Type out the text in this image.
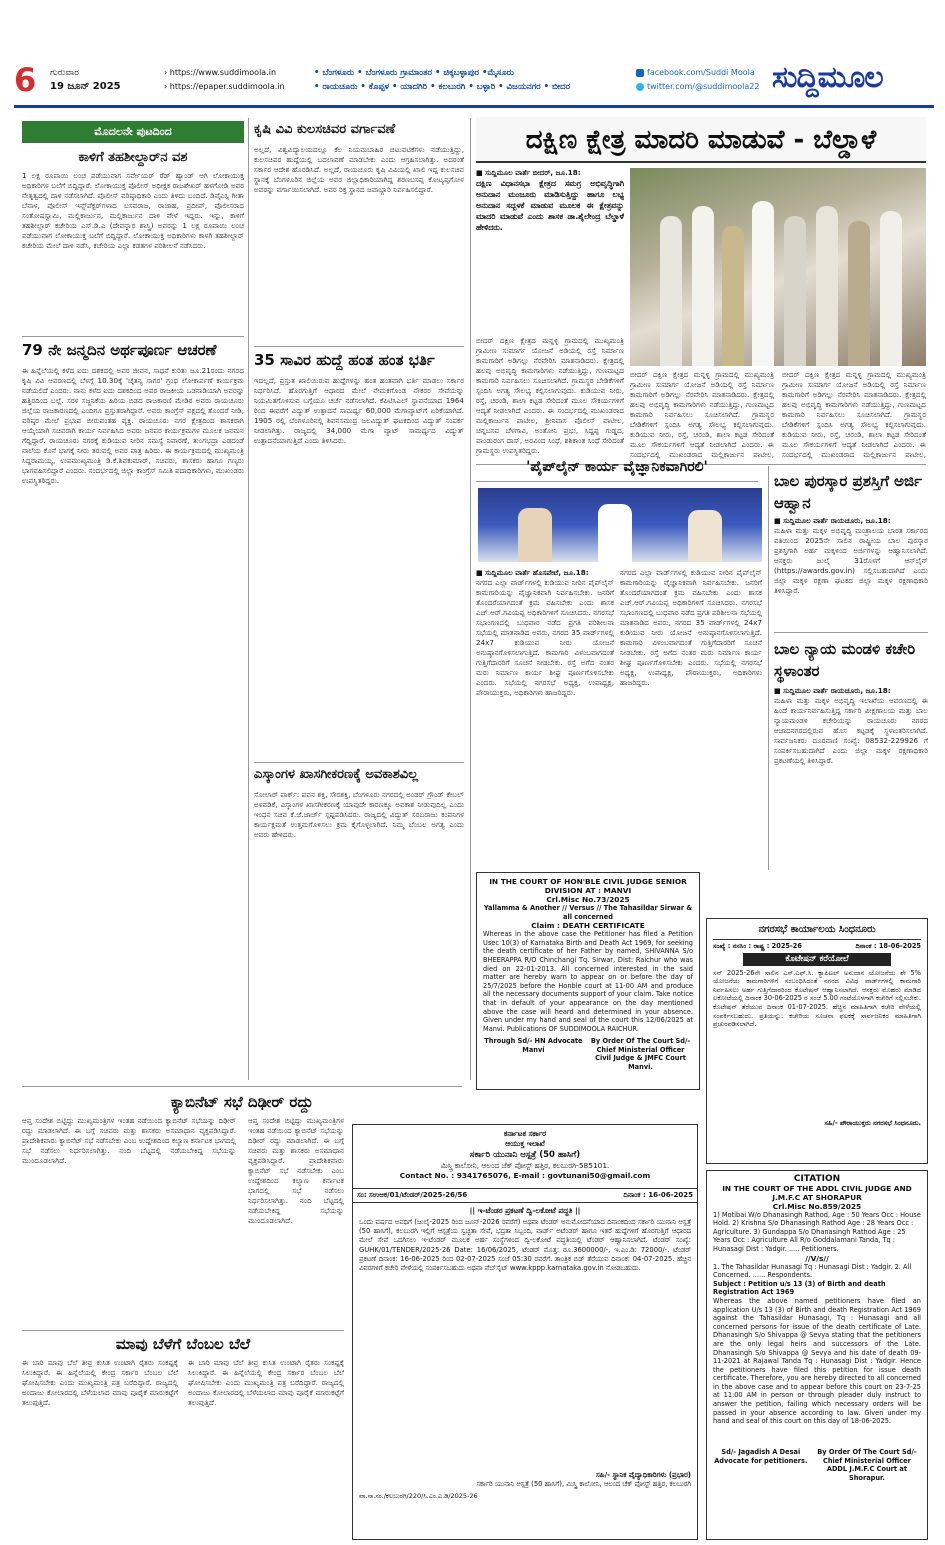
6 ಗುರುವಾರ
19 ಜೂನ್ 2025
› https://www.suddimoola.in
› https://epaper.suddimoola.in
• ಬೆಂಗಳೂರು • ಬೆಂಗಳೂರು ಗ್ರಾಮಾಂತರ • ಚಿಕ್ಕಬಳ್ಳಾಪುರ •ಮೈಸೂರು
• ರಾಯಚೂರು • ಕೊಪ್ಪಳ • ಯಾದಗಿರಿ • ಕಲಬುರಗಿ • ಬಳ್ಳಾರಿ • ವಿಜಯನಗರ • ಬೀದರ
facebook.com/Suddi Moola
twitter.com/@suddimoola22 ಸುದ್ದಿಮೂಲ
ಮೊದಲನೇ ಪುಟದಿಂದ
ಕಾಳಿಗೆ ತಹಶೀಲ್ದಾರ್‌ನ ವಶ
1 ಲಕ್ಷ ರೂಪಾಯಿ ಲಂಚ ಪಡೆಯುವಾಗ ಸರ್ವೇಯರ್ ರೆಡ್ ಹ್ಯಾಂಡ್ ಆಗಿ ಲೋಕಾಯುಕ್ತ ಅಧಿಕಾರಿಗಳ ಬಲೆಗೆ ಬಿದ್ದಿದ್ದಾರೆ. ಲೋಕಾಯುಕ್ತ ಪೊಲೀಸ್ ಅಧೀಕ್ಷಕ ರಾಜಶೇಖರ್ ಹಳಗೋಡಿ ಅವರ ನೇತೃತ್ವದಲ್ಲಿ ದಾಳಿ ನಡೆಸಲಾಗಿದೆ. ಪೊಲೀಸ್ ವರಿಷ್ಠಾಧಿಕಾರಿ ಎಂದು ತಿಳಿದು ಬಂದಿದೆ. ಡಿವೈಎಸ್ಪಿ ಗೀತಾ ಬೆನಾಳ, ಪೊಲೀಸ್ ಇನ್ಸ್‌ಪೆಕ್ಟರ್‌ಗಳಾದ ಬಸವರಾಜ, ರಾಜಾಹ, ಪ್ರದೀಪ್, ಪೊಲೀಸರಾದ ಸಂತೋಷಸ್ವಾಮಿ, ಮಲ್ಲಿಕಾರ್ಜುನ, ಮಲ್ಲಿಕಾರ್ಜುನ ದಾಳಿ ವೇಳೆ ಇದ್ದರು. ಇನ್ನು, ಕಾಳಿಗೆ ತಹಶೀಲ್ದಾರ್ ಕಚೇರಿಯ ಎಸ್.ಡಿ.ಎ (ದೇವನ್ನಾರ ಶಾಸ್ತ್ರಿ) ಅವರನ್ನು 1 ಲಕ್ಷ ರೂಪಾಯಿ ಲಂಚ ಪಡೆಯುವಾಗ ಲೋಕಾಯುಕ್ತ ಬಲೆಗೆ ಬಿದ್ದಿದ್ದಾರೆ. ಲೋಕಾಯುಕ್ತ ಅಧಿಕಾರಿಗಳು ಕಾಳಗಿ ತಹಶೀಲ್ದಾರ್ ಕಚೇರಿಯ ಮೇಲೆ ದಾಳಿ ನಡೆಸಿ, ಕಚೇರಿಯ ಎಲ್ಲಾ ಕಡತಗಳ ಪರಿಶೀಲನೆ ನಡೆಸಿದರು.
79 ನೇ ಜನ್ಮದಿನ ಅರ್ಥಪೂರ್ಣ ಆಚರಣೆ
ಈ ಹಿನ್ನೆಲೆಯಲ್ಲಿ ಕಳೆದ ಐದು ದಶಕದಲ್ಲಿ ಅವರ ಜೀವನ, ಸಾಧನೆ ಕುರಿತು ಜೂ.21ರಂದು ನಗರದ ಕೃಷಿ ವಿವಿ ಆವರಣದಲ್ಲಿ ಬೆಳಗ್ಗೆ 10.30ಕ್ಕೆ 'ಚೈತನ್ಯ ಸಾಗರ' ಗ್ರಂಥ ಲೋಕಾರ್ಪಣೆ ಕಾರ್ಯಕ್ರಮ ನಡೆಯಲಿದೆ ಎಂದರು. ನಾನು ಕಳೆದ ಐದು ದಶಕದಿಂದ ಅವರ ರಾಜಕೀಯ ಒಡನಾಡಿಯಾಗಿ ಅವರನ್ನು ಹತ್ತಿರದಿಂದ ಬಲ್ಲೆ. ಸರಳ ಸಜ್ಜನಿಕೆಯ ಹಿರಿಯ ಬಿಡದ ರಾಜಕಾರಣಿ ಮೇಡಿರ ಅವರು ರಾಯಚೂರು ಜಿಲ್ಲೆಯ ರಾಜಕಾರಣದಲ್ಲಿ ಎಂದಿಗೂ ಪ್ರಸ್ತುತರಾಗಿದ್ದಾರೆ. ಅವರು ಕಾಂಗ್ರೆಸ್ ಪಕ್ಷದಲ್ಲಿ ತೊಂದರೆ ನೀಡಿ, ವರಿಷ್ಠರ ಮೇಲೆ ಪ್ರಭಾವ ಬೀರುವಂತಹ ವ್ಯಕ್ತಿ. ರಾಯಚೂರು ನಗರ ಕ್ಷೇತ್ರದಿಂದ ಶಾಸಕರಾಗಿ ಆಯ್ಕೆಯಾಗಿ ಸಚಿವರಾಗಿ ಕಾರ್ಯ ನಿರ್ವಹಿಸಿದ ಅವರು ಜನಪರ ಕಾರ್ಯಕ್ರಮಗಳ ಮೂಲಕ ಜನಮನ ಗೆದ್ದಿದ್ದಾರೆ. ರಾಯಚೂರು ನಗರಕ್ಕೆ ಕುಡಿಯುವ ನೀರಿನ ಸಮಸ್ಯೆ ನಿವಾರಣೆ, ತುಂಗಭದ್ರಾ ಎಡದಂಡೆ ನಾಲೆಯ ಕೊನೆ ಭಾಗಕ್ಕೆ ನೀರು ತರುವಲ್ಲಿ ಅವರ ಪಾತ್ರ ಹಿರಿದು. ಈ ಕಾರ್ಯಕ್ರಮದಲ್ಲಿ ಮುಖ್ಯಮಂತ್ರಿ ಸಿದ್ದರಾಮಯ್ಯ, ಉಪಮುಖ್ಯಮಂತ್ರಿ ಡಿ.ಕೆ.ಶಿವಕುಮಾರ್, ಸಚಿವರು, ಶಾಸಕರು ಹಾಗೂ ಗಣ್ಯರು ಭಾಗವಹಿಸಲಿದ್ದಾರೆ ಎಂದರು. ಸಂದರ್ಭದಲ್ಲಿ ಜಿಲ್ಲಾ ಕಾಂಗ್ರೆಸ್ ಸಮಿತಿ ಪದಾಧಿಕಾರಿಗಳು, ಮುಖಂಡರು ಉಪಸ್ಥಿತರಿದ್ದರು.
ಕ್ಯಾಬಿನೆಟ್ ಸಭೆ ದಿಢೀರ್ ರದ್ದು
ಆಪ್ತ ಸಂದೇಶ ಬಿಟ್ಟಿದ್ದು ಮುಖ್ಯಮಂತ್ರಿಗಳ ಇಂತಹ ನಡೆಯಿಂದ ಕ್ಯಾಬಿನೆಟ್ ಸಭೆಯನ್ನು ದಿಢೀರ್ ರದ್ದು ಮಾಡಲಾಗಿದೆ. ಈ ಬಗ್ಗೆ ಸಚಿವರು ಮತ್ತು ಶಾಸಕರು ಅಸಮಾಧಾನ ವ್ಯಕ್ತಪಡಿಸಿದ್ದಾರೆ. ಪ್ರಾದೇಶಿಕವಾರು ಕ್ಯಾಬಿನೆಟ್ ಸಭೆ ನಡೆಸಬೇಕು ಎಂಬ ಉದ್ದೇಶದಿಂದ ಕಲ್ಯಾಣ ಕರ್ನಾಟಕ ಭಾಗದಲ್ಲಿ ಸಭೆ ನಡೆಸಲು ನಿರ್ಧರಿಸಲಾಗಿತ್ತು. ನಂದಿ ಬೆಟ್ಟದಲ್ಲಿ ನಡೆಯಬೇಕಿದ್ದ ಸಭೆಯನ್ನು ಮುಂದೂಡಲಾಗಿದೆ.
ಆಪ್ತ ಸಂದೇಶ ಬಿಟ್ಟಿದ್ದು ಮುಖ್ಯಮಂತ್ರಿಗಳ ಇಂತಹ ನಡೆಯಿಂದ ಕ್ಯಾಬಿನೆಟ್ ಸಭೆಯನ್ನು ದಿಢೀರ್ ರದ್ದು ಮಾಡಲಾಗಿದೆ. ಈ ಬಗ್ಗೆ ಸಚಿವರು ಮತ್ತು ಶಾಸಕರು ಅಸಮಾಧಾನ ವ್ಯಕ್ತಪಡಿಸಿದ್ದಾರೆ. ಪ್ರಾದೇಶಿಕವಾರು ಕ್ಯಾಬಿನೆಟ್ ಸಭೆ ನಡೆಸಬೇಕು ಎಂಬ ಉದ್ದೇಶದಿಂದ ಕಲ್ಯಾಣ ಕರ್ನಾಟಕ ಭಾಗದಲ್ಲಿ ಸಭೆ ನಡೆಸಲು ನಿರ್ಧರಿಸಲಾಗಿತ್ತು. ನಂದಿ ಬೆಟ್ಟದಲ್ಲಿ ನಡೆಯಬೇಕಿದ್ದ ಸಭೆಯನ್ನು ಮುಂದೂಡಲಾಗಿದೆ.
ಮಾವು ಬೆಳೆಗೆ ಬೆಂಬಲ ಬೆಲೆ
ಈ ಬಾರಿ ಮಾವು ಬೆಲೆ ತೀವ್ರ ಕುಸಿತ ಉಂಟಾಗಿ ರೈತರು ಸಂಕಷ್ಟಕ್ಕೆ ಸಿಲುಕಿದ್ದಾರೆ. ಈ ಹಿನ್ನೆಲೆಯಲ್ಲಿ ಕೇಂದ್ರ ಸರ್ಕಾರ ಬೆಂಬಲ ಬೆಲೆ ಘೋಷಿಸಬೇಕು ಎಂದು ಮುಖ್ಯಮಂತ್ರಿ ಪತ್ರ ಬರೆದಿದ್ದಾರೆ. ರಾಜ್ಯದಲ್ಲಿ ಅಂದಾಜು ಕೋಲಾರದಲ್ಲಿ ಬೆಳೆಯಲಾದ ಮಾವು ಪೂರೈಕೆ ಮಾರುಕಟ್ಟೆಗೆ ತಲುಪುತ್ತಿದೆ.
ಈ ಬಾರಿ ಮಾವು ಬೆಲೆ ತೀವ್ರ ಕುಸಿತ ಉಂಟಾಗಿ ರೈತರು ಸಂಕಷ್ಟಕ್ಕೆ ಸಿಲುಕಿದ್ದಾರೆ. ಈ ಹಿನ್ನೆಲೆಯಲ್ಲಿ ಕೇಂದ್ರ ಸರ್ಕಾರ ಬೆಂಬಲ ಬೆಲೆ ಘೋಷಿಸಬೇಕು ಎಂದು ಮುಖ್ಯಮಂತ್ರಿ ಪತ್ರ ಬರೆದಿದ್ದಾರೆ. ರಾಜ್ಯದಲ್ಲಿ ಅಂದಾಜು ಕೋಲಾರದಲ್ಲಿ ಬೆಳೆಯಲಾದ ಮಾವು ಪೂರೈಕೆ ಮಾರುಕಟ್ಟೆಗೆ ತಲುಪುತ್ತಿದೆ.
ಕೃಷಿ ವಿವಿ ಕುಲಸಚಿವರ ವರ್ಗಾವಣೆ
ಅಲ್ಲದೆ, ವಿಶ್ವವಿದ್ಯಾಲಯದಲ್ಲೂ ಕೆಲ ನಿಯಮಬಾಹಿರ ಚಟುವಟಿಕೆಗಳು ನಡೆಯುತ್ತಿದ್ದು, ಕುಲಸಚಿವರ ಹುದ್ದೆಯಲ್ಲಿ ಬದಲಾವಣೆ ಮಾಡಬೇಕು ಎಂದು ಆಗ್ರಹಿಸಲಾಗಿತ್ತು. ಅದರಂತೆ ಸರ್ಕಾರ ಆದೇಶ ಹೊರಡಿಸಿದೆ. ಅಲ್ಲದೆ, ರಾಯಚೂರು ಕೃಷಿ ವಿವಿಯಲ್ಲಿ ಖಾಲಿ ಇದ್ದ ಕುಲಸಚಿವ ಸ್ಥಾನಕ್ಕೆ ಬೆಂಗಳೂರಿನ ಜಿಲ್ಲೆಯ ಅವರ ಜಿಲ್ಲಾಧಿಕಾರಿಯಾಗಿದ್ದ ಶರಣಬಸಪ್ಪ ಕೋಟ್ಯಪ್ಪಗೋಳ ಅವರನ್ನು ವರ್ಗಾಯಿಸಲಾಗಿದೆ. ಅವರ ರಿಕ್ತ ಸ್ಥಾನದ ಜವಾಬ್ದಾರಿ ನಿರ್ವಹಿಸಲಿದ್ದಾರೆ.
35 ಸಾವಿರ ಹುದ್ದೆ ಹಂತ ಹಂತ ಭರ್ತಿ
ಇದಲ್ಲದೆ, ಪ್ರಸ್ತುತ ಖಾಲಿಯಿರುವ ಹುದ್ದೆಗಳನ್ನು ಹಂತ ಹಂತವಾಗಿ ಭರ್ತಿ ಮಾಡಲು ಸರ್ಕಾರ ನಿರ್ಧರಿಸಿದೆ. ಹೊರಗುತ್ತಿಗೆ ಆಧಾರದ ಮೇಲೆ ನೇಮಕಗೊಂಡ ನೌಕರರ ಸೇವೆಯನ್ನು ನಿಯಮಿತಗೊಳಿಸುವ ಬಗ್ಗೆಯೂ ಚರ್ಚೆ ನಡೆಸಲಾಗಿದೆ. ಕೆಪಿಟಿಸಿಎಲ್ ಸ್ಥಾಪನೆಯಾದ 1964 ರಿಂದ ಈವರೆಗೆ ವಿದ್ಯುತ್ ಉತ್ಪಾದನೆ ಸಾಮರ್ಥ್ಯ 60,000 ಮೆಗಾವ್ಯಾಟ್‌ಗೆ ಏರಿಕೆಯಾಗಿದೆ. 1905 ರಲ್ಲಿ ಬೆಂಗಳೂರಿನಲ್ಲಿ ಶಿವನಸಮುದ್ರ ಜಲವಿದ್ಯುತ್ ಘಟಕದಿಂದ ವಿದ್ಯುತ್ ಸಂಪರ್ಕ ನೀಡಲಾಗಿತ್ತು. ರಾಜ್ಯದಲ್ಲಿ 34,000 ಮೆಗಾ ವ್ಯಾಟ್ ಸಾಮರ್ಥ್ಯದ ವಿದ್ಯುತ್ ಉತ್ಪಾದನೆಯಾಗುತ್ತಿದೆ ಎಂದು ತಿಳಿಸಿದರು.
ಎಸ್ಕಾಂಗಳ ಖಾಸಗೀಕರಣಕ್ಕೆ ಅವಕಾಶವಿಲ್ಲ
ಸೋಲಾರ್ ಪಾರ್ಕ್: ಪವನ ಶಕ್ತಿ, ಸೌರಶಕ್ತಿ, ಬೆಂಗಳೂರು ನಗರದಲ್ಲಿ ಅಂಡರ್ ಗ್ರೌಂಡ್ ಕೇಬಲ್ ಅಳವಡಿಕೆ, ಎಸ್ಕಾಂಗಳ ಖಾಸಗೀಕರಣಕ್ಕೆ ಯಾವುದೇ ಕಾರಣಕ್ಕೂ ಅವಕಾಶ ನೀಡುವುದಿಲ್ಲ ಎಂದು ಇಂಧನ ಸಚಿವ ಕೆ.ಜೆ.ಜಾರ್ಜ್ ಸ್ಪಷ್ಟಪಡಿಸಿದರು. ರಾಜ್ಯದಲ್ಲಿ ವಿದ್ಯುತ್ ಸರಬರಾಜು ಕಂಪನಿಗಳ ಕಾರ್ಯಕ್ಷಮತೆ ಉತ್ತಮಗೊಳಿಸಲು ಕ್ರಮ ಕೈಗೊಳ್ಳಲಾಗಿದೆ. ನಿಮ್ಮ ಬೆಂಬಲ ಅಗತ್ಯ ಎಂದು ಅವರು ಹೇಳಿದರು.
ದಕ್ಷಿಣ ಕ್ಷೇತ್ರ ಮಾದರಿ ಮಾಡುವೆ - ಬೆಲ್ಡಾಳೆ
■ ಸುದ್ದಿಮೂಲ ವಾರ್ತೆ ಬೀದರ್, ಜೂ.18:
ದಕ್ಷಿಣ ವಿಧಾನಸಭಾ ಕ್ಷೇತ್ರದ ಸಮಗ್ರ ಅಭಿವೃದ್ಧಿಗಾಗಿ ಅನುದಾನ ಮಂಜೂರು ಮಾಡಿಸುತ್ತಿದ್ದು ಹಾಗೂ ಲಭ್ಯ ಅನುದಾನ ಸದ್ಬಳಕೆ ಮಾಡುವ ಮೂಲಕ ಈ ಕ್ಷೇತ್ರವನ್ನು ಮಾದರಿ ಮಾಡುವೆ ಎಂದು ಶಾಸಕ ಡಾ.ಶೈಲೇಂದ್ರ ಬೆಲ್ಡಾಳೆ ಹೇಳಿದರು.
ಬೀದರ್ ದಕ್ಷಿಣ ಕ್ಷೇತ್ರದ ಮನ್ನಳ್ಳಿ ಗ್ರಾಮದಲ್ಲಿ ಮುಖ್ಯಮಂತ್ರಿ ಗ್ರಾಮೀಣ ಸುಮಾರ್ಗ ಯೋಜನೆ ಅಡಿಯಲ್ಲಿ ರಸ್ತೆ ನಿರ್ಮಾಣ ಕಾಮಗಾರಿಗೆ ಅಡಿಗಲ್ಲು ನೆರವೇರಿಸಿ ಮಾತನಾಡಿದರು. ಕ್ಷೇತ್ರದಲ್ಲಿ ಹಲವು ಅಭಿವೃದ್ಧಿ ಕಾಮಗಾರಿಗಳು ನಡೆಯುತ್ತಿದ್ದು, ಗುಣಮಟ್ಟದ ಕಾಮಗಾರಿ ನಿರ್ವಹಿಸಲು ಸೂಚಿಸಲಾಗಿದೆ. ಗ್ರಾಮಸ್ಥರ ಬೇಡಿಕೆಗಳಿಗೆ ಸ್ಪಂದಿಸಿ ಅಗತ್ಯ ಸೌಲಭ್ಯ ಕಲ್ಪಿಸಲಾಗುವುದು. ಕುಡಿಯುವ ನೀರು, ರಸ್ತೆ, ಚರಂಡಿ, ಶಾಲಾ ಕಟ್ಟಡ ಸೇರಿದಂತೆ ಮೂಲ ಸೌಕರ್ಯಗಳಿಗೆ ಆದ್ಯತೆ ನೀಡಲಾಗಿದೆ ಎಂದರು. ಈ ಸಂದರ್ಭದಲ್ಲಿ ಮುಖಂಡರಾದ ಮಲ್ಲಿಕಾರ್ಜುನ ಪಾಟೀಲ, ಶ್ರೀನಿವಾಸ ಪೊಲೀಸ್ ಪಾಟೀಲ, ಚನ್ನಬಸವ ಬೆಳಗಾವಿ, ಅಂತೋನಿ ಪ್ರಭು, ಸಿದ್ದಪ್ಪ ಗುಡ್ಡದ, ಪಾಂಡುರಂಗ ದಾಸ್, ಅರವಿಂದ ಸಿಂಧೆ, ಶಶಿಕಾಂತ ಸಿಂಧೆ ಸೇರಿದಂತೆ ಗ್ರಾಮಸ್ಥರು ಉಪಸ್ಥಿತರಿದ್ದರು.
ಬೀದರ್ ದಕ್ಷಿಣ ಕ್ಷೇತ್ರದ ಮನ್ನಳ್ಳಿ ಗ್ರಾಮದಲ್ಲಿ ಮುಖ್ಯಮಂತ್ರಿ ಗ್ರಾಮೀಣ ಸುಮಾರ್ಗ ಯೋಜನೆ ಅಡಿಯಲ್ಲಿ ರಸ್ತೆ ನಿರ್ಮಾಣ ಕಾಮಗಾರಿಗೆ ಅಡಿಗಲ್ಲು ನೆರವೇರಿಸಿ ಮಾತನಾಡಿದರು. ಕ್ಷೇತ್ರದಲ್ಲಿ ಹಲವು ಅಭಿವೃದ್ಧಿ ಕಾಮಗಾರಿಗಳು ನಡೆಯುತ್ತಿದ್ದು, ಗುಣಮಟ್ಟದ ಕಾಮಗಾರಿ ನಿರ್ವಹಿಸಲು ಸೂಚಿಸಲಾಗಿದೆ. ಗ್ರಾಮಸ್ಥರ ಬೇಡಿಕೆಗಳಿಗೆ ಸ್ಪಂದಿಸಿ ಅಗತ್ಯ ಸೌಲಭ್ಯ ಕಲ್ಪಿಸಲಾಗುವುದು. ಕುಡಿಯುವ ನೀರು, ರಸ್ತೆ, ಚರಂಡಿ, ಶಾಲಾ ಕಟ್ಟಡ ಸೇರಿದಂತೆ ಮೂಲ ಸೌಕರ್ಯಗಳಿಗೆ ಆದ್ಯತೆ ನೀಡಲಾಗಿದೆ ಎಂದರು. ಈ ಸಂದರ್ಭದಲ್ಲಿ ಮುಖಂಡರಾದ ಮಲ್ಲಿಕಾರ್ಜುನ ಪಾಟೀಲ,
ಬೀದರ್ ದಕ್ಷಿಣ ಕ್ಷೇತ್ರದ ಮನ್ನಳ್ಳಿ ಗ್ರಾಮದಲ್ಲಿ ಮುಖ್ಯಮಂತ್ರಿ ಗ್ರಾಮೀಣ ಸುಮಾರ್ಗ ಯೋಜನೆ ಅಡಿಯಲ್ಲಿ ರಸ್ತೆ ನಿರ್ಮಾಣ ಕಾಮಗಾರಿಗೆ ಅಡಿಗಲ್ಲು ನೆರವೇರಿಸಿ ಮಾತನಾಡಿದರು. ಕ್ಷೇತ್ರದಲ್ಲಿ ಹಲವು ಅಭಿವೃದ್ಧಿ ಕಾಮಗಾರಿಗಳು ನಡೆಯುತ್ತಿದ್ದು, ಗುಣಮಟ್ಟದ ಕಾಮಗಾರಿ ನಿರ್ವಹಿಸಲು ಸೂಚಿಸಲಾಗಿದೆ. ಗ್ರಾಮಸ್ಥರ ಬೇಡಿಕೆಗಳಿಗೆ ಸ್ಪಂದಿಸಿ ಅಗತ್ಯ ಸೌಲಭ್ಯ ಕಲ್ಪಿಸಲಾಗುವುದು. ಕುಡಿಯುವ ನೀರು, ರಸ್ತೆ, ಚರಂಡಿ, ಶಾಲಾ ಕಟ್ಟಡ ಸೇರಿದಂತೆ ಮೂಲ ಸೌಕರ್ಯಗಳಿಗೆ ಆದ್ಯತೆ ನೀಡಲಾಗಿದೆ ಎಂದರು. ಈ ಸಂದರ್ಭದಲ್ಲಿ ಮುಖಂಡರಾದ ಮಲ್ಲಿಕಾರ್ಜುನ ಪಾಟೀಲ,
'ಪೈಪ್‌ಲೈನ್ ಕಾರ್ಯ ವೈಜ್ಞಾನಿಕವಾಗಿರಲಿ'
■ ಸುದ್ದಿಮೂಲ ವಾರ್ತೆ ಹೊಸಪೇಟೆ, ಜೂ.18:
ನಗರದ ಎಲ್ಲಾ ವಾರ್ಡ್‌ಗಳಲ್ಲಿ ಕುಡಿಯುವ ನೀರಿನ ಪೈಪ್‌ಲೈನ್ ಕಾಮಗಾರಿಯನ್ನು ವೈಜ್ಞಾನಿಕವಾಗಿ ನಿರ್ವಹಿಸಬೇಕು. ಜನರಿಗೆ ತೊಂದರೆಯಾಗದಂತೆ ಕ್ರಮ ವಹಿಸಬೇಕು ಎಂದು ಶಾಸಕ ಎಚ್.ಆರ್.ಗವಿಯಪ್ಪ ಅಧಿಕಾರಿಗಳಿಗೆ ಸೂಚಿಸಿದರು. ನಗರಸಭೆ ಸಭಾಂಗಣದಲ್ಲಿ ಬುಧವಾರ ನಡೆದ ಪ್ರಗತಿ ಪರಿಶೀಲನಾ ಸಭೆಯಲ್ಲಿ ಮಾತನಾಡಿದ ಅವರು, ನಗರದ 35 ವಾರ್ಡ್‌ಗಳಲ್ಲಿ 24x7 ಕುಡಿಯುವ ನೀರು ಯೋಜನೆ ಅನುಷ್ಠಾನಗೊಳಿಸಲಾಗುತ್ತಿದೆ. ಕಾಮಗಾರಿ ವಿಳಂಬವಾಗದಂತೆ ಗುತ್ತಿಗೆದಾರರಿಗೆ ಸೂಚನೆ ನೀಡಬೇಕು. ರಸ್ತೆ ಅಗೆದ ನಂತರ ಮರು ನಿರ್ಮಾಣ ಕಾರ್ಯ ಶೀಘ್ರ ಪೂರ್ಣಗೊಳಿಸಬೇಕು ಎಂದರು. ಸಭೆಯಲ್ಲಿ ನಗರಸಭೆ ಅಧ್ಯಕ್ಷ, ಉಪಾಧ್ಯಕ್ಷ, ಪೌರಾಯುಕ್ತರು, ಅಧಿಕಾರಿಗಳು ಹಾಜರಿದ್ದರು.
ನಗರದ ಎಲ್ಲಾ ವಾರ್ಡ್‌ಗಳಲ್ಲಿ ಕುಡಿಯುವ ನೀರಿನ ಪೈಪ್‌ಲೈನ್ ಕಾಮಗಾರಿಯನ್ನು ವೈಜ್ಞಾನಿಕವಾಗಿ ನಿರ್ವಹಿಸಬೇಕು. ಜನರಿಗೆ ತೊಂದರೆಯಾಗದಂತೆ ಕ್ರಮ ವಹಿಸಬೇಕು ಎಂದು ಶಾಸಕ ಎಚ್.ಆರ್.ಗವಿಯಪ್ಪ ಅಧಿಕಾರಿಗಳಿಗೆ ಸೂಚಿಸಿದರು. ನಗರಸಭೆ ಸಭಾಂಗಣದಲ್ಲಿ ಬುಧವಾರ ನಡೆದ ಪ್ರಗತಿ ಪರಿಶೀಲನಾ ಸಭೆಯಲ್ಲಿ ಮಾತನಾಡಿದ ಅವರು, ನಗರದ 35 ವಾರ್ಡ್‌ಗಳಲ್ಲಿ 24x7 ಕುಡಿಯುವ ನೀರು ಯೋಜನೆ ಅನುಷ್ಠಾನಗೊಳಿಸಲಾಗುತ್ತಿದೆ. ಕಾಮಗಾರಿ ವಿಳಂಬವಾಗದಂತೆ ಗುತ್ತಿಗೆದಾರರಿಗೆ ಸೂಚನೆ ನೀಡಬೇಕು. ರಸ್ತೆ ಅಗೆದ ನಂತರ ಮರು ನಿರ್ಮಾಣ ಕಾರ್ಯ ಶೀಘ್ರ ಪೂರ್ಣಗೊಳಿಸಬೇಕು ಎಂದರು. ಸಭೆಯಲ್ಲಿ ನಗರಸಭೆ ಅಧ್ಯಕ್ಷ, ಉಪಾಧ್ಯಕ್ಷ, ಪೌರಾಯುಕ್ತರು, ಅಧಿಕಾರಿಗಳು ಹಾಜರಿದ್ದರು.
ಬಾಲ ಪುರಸ್ಕಾರ ಪ್ರಶಸ್ತಿಗೆ ಅರ್ಜಿ ಆಹ್ವಾನ
■ ಸುದ್ದಿಮೂಲ ವಾರ್ತೆ ರಾಯಚೂರು, ಜೂ.18:
ಮಹಿಳಾ ಮತ್ತು ಮಕ್ಕಳ ಅಭಿವೃದ್ಧಿ ಮಂತ್ರಾಲಯ ಭಾರತ ಸರ್ಕಾರದ ವತಿಯಿಂದ 2025ನೇ ಸಾಲಿನ ರಾಷ್ಟ್ರೀಯ ಬಾಲ ಪುರಸ್ಕಾರ ಪ್ರಶಸ್ತಿಗಾಗಿ ಅರ್ಹ ಮಕ್ಕಳಿಂದ ಅರ್ಜಿಗಳನ್ನು ಆಹ್ವಾನಿಸಲಾಗಿದೆ. ಆಸಕ್ತರು ಜುಲೈ 31ರೊಳಗೆ ಆನ್‌ಲೈನ್ (https://awards.gov.in) ಸಲ್ಲಿಸಬಹುದಾಗಿದೆ ಎಂದು ಜಿಲ್ಲಾ ಮಕ್ಕಳ ರಕ್ಷಣಾ ಘಟಕದ ಜಿಲ್ಲಾ ಮಕ್ಕಳ ರಕ್ಷಣಾಧಿಕಾರಿ ತಿಳಿಸಿದ್ದಾರೆ.
ಬಾಲ ನ್ಯಾಯ ಮಂಡಳಿ ಕಚೇರಿ ಸ್ಥಳಾಂತರ
■ ಸುದ್ದಿಮೂಲ ವಾರ್ತೆ ರಾಯಚೂರು, ಜೂ.18:
ಮಹಿಳಾ ಮತ್ತು ಮಕ್ಕಳ ಅಭಿವೃದ್ಧಿ ಇಲಾಖೆಯ ಆವರಣದಲ್ಲಿ ಈ ಹಿಂದೆ ಕಾರ್ಯನಿರ್ವಹಿಸುತ್ತಿದ್ದ ಸರ್ಕಾರಿ ವೀಕ್ಷಣಾಲಯ ಮತ್ತು ಬಾಲ ನ್ಯಾಯಮಂಡಳಿ ಕಚೇರಿಯನ್ನು ರಾಯಚೂರು ನಗರದ ಆಜಾದನಗರದಲ್ಲಿರುವ ಹೊಸ ಕಟ್ಟಡಕ್ಕೆ ಸ್ಥಳಾಂತರಿಸಲಾಗಿದೆ. ಸಾರ್ವಜನಿಕರು ದೂರವಾಣಿ ಸಂಖ್ಯೆ: 08532-229926 ಗೆ ಸಂಪರ್ಕಿಸಬಹುದಾಗಿದೆ ಎಂದು ಜಿಲ್ಲಾ ಮಕ್ಕಳ ರಕ್ಷಣಾಧಿಕಾರಿ ಪ್ರಕಟಣೆಯಲ್ಲಿ ತಿಳಿಸಿದ್ದಾರೆ.
IN THE COURT OF HON'BLE CIVIL JUDGE SENIOR DIVISION AT : MANVI
Crl.Misc No.73/2025
Yallamma & Another // Versus // The Tahasildar Sirwar & all concerned
Claim : DEATH CERTIFICATE
Whereas in the above case the Petitioner has filed a Petition Usec 10(3) of Karnataka Birth and Death Act 1969, for seeking the death certificate of her Father by named, SHIVANNA S/o BHEERAPPA R/O Chinchangi Tq. Sirwar, Dist: Raichur who was died on 22-01-2013. All concerned interested in the said matter are hereby warn to appear on or before the day of 25/7/2025 before the Honble court at 11-00 AM and produce all the necessary documents support of your claim. Take notice that in default of your appearance on the day mentioned above the case will heard and determined in your absence. Given under my hand and seal of the court this 12/06/2025 at Manvi. Publications OF SUDDIMOOLA RAICHUR.
Through Sd/- HN Advocate Manvi
By Order Of The Court Sd/- Chief Ministerial Officer Civil Judge & JMFC Court Manvi.
ನಗರಸಭೆ ಕಾರ್ಯಾಲಯ ಸಿಂಧನೂರು
ಸಂಖ್ಯೆ : ನಸಸಿಂ : ರಾಷ್ಟ್ರ : 2025-26	ದಿನಾಂಕ : 18-06-2025
ಕೊಟೇಷನ್ ಕರೆಯೋಲೆ
ಸನ್ 2025-26ನೇ ಸಾಲಿನ ಎಸ್.ಎಫ್.ಸಿ. ಕ್ಯಾಪಿಟಲ್ ಅನುದಾನ ಯೋಜನೆಯ ಶೇ 5% ಯೋಜನೆಯ ಕಾಮಗಾರಿಗಳಿಗೆ ಸಂಬಂಧಿಸಿದಂತೆ ನಗರದ ವಿವಿಧ ವಾರ್ಡ್‌ಗಳಲ್ಲಿ ಕಾಮಗಾರಿ ನಿರ್ವಹಿಸಲು ಅರ್ಹ ಗುತ್ತಿಗೆದಾರರಿಂದ ಕೊಟೇಷನ್ ಆಹ್ವಾನಿಸಲಾಗಿದೆ. ಆಸಕ್ತರು ಮೊಹರು ಮಾಡಿದ ಲಕೋಟೆಯಲ್ಲಿ ದಿನಾಂಕ 30-06-2025 ರ ಸಂಜೆ 5.00 ಗಂಟೆಯೊಳಗಾಗಿ ಕಚೇರಿಗೆ ಸಲ್ಲಿಸಬೇಕು. ಕೊಟೇಷನ್ ತೆರೆಯುವ ದಿನಾಂಕ 01-07-2025. ಹೆಚ್ಚಿನ ಮಾಹಿತಿಗಾಗಿ ಕಚೇರಿ ವೇಳೆಯಲ್ಲಿ ಸಂಪರ್ಕಿಸಬಹುದು. ಪ್ರತಿಯನ್ನು: ಕಚೇರಿಯ ಸೂಚನಾ ಫಲಕಕ್ಕೆ ಸಾರ್ವಜನಿಕರ ಮಾಹಿತಿಗಾಗಿ ಪ್ರಚುರಪಡಿಸಲಾಗಿದೆ.
ಸಹಿ/- ಪೌರಾಯುಕ್ತರು ನಗರಸಭೆ ಸಿಂಧನೂರು.
CITATION
IN THE COURT OF THE ADDL CIVIL JUDGE AND J.M.F.C AT SHORAPUR
Crl.Misc No.859/2025
1) Motibai W/o Dhanasingh Rathod, Age : 50 Years Occ : House Hold. 2) Krishna S/o Dhanasingh Rathod Age : 28 Years Occ : Agriculture. 3) Gundappa S/o Dhanasingh Rathod Age : 25 Years Occ : Agriculture All R/o Goddalamani Tanda, Tq : Hunasagi Dist : Yadgir. ..... Petitioners.
//V/s//
1. The Tahasildar Hunasagi Tq : Hunasagi Dist : Yadgir. 2. All Concerned. ...... Respondents.
Subject : Petition u/s 13 (3) of Birth and death Registration Act 1969
Whereas the above named petitioners have filed an application U/s 13 (3) of Birth and death Registration Act 1969 against the Tahasildar Hunasagi, Tq : Hunasagi and all concerned persons for issue of the death certificate of Late. Dhanasingh S/o Shivappa @ Sevya stating that the petitioners are the only legal heirs and successors of the Late. Dhanasingh S/o Shivappa @ Sevya and his date of death 09-11-2021 at Rajawal Tanda Tq : Hunasagi Dist : Yadgir. Hence the petitioners have filed this petition for issue death certificate. Therefore, you are hereby directed to all concerned in the above case and to appear before this court on 23-7-25 at 11:00 AM in person or through pleader duly instruct to answer the petition, failing which necessary orders will be passed in your absence according to law. Given under my hand and seal of this court on this day of 18-06-2025.
Sd/- Jagadish A Desai Advocate for petitioners.
By Order Of The Court Sd/- Chief Ministerial Officer ADDL J.M.F.C Court at Shorapur.
ಕರ್ನಾಟಕ ಸರ್ಕಾರ
ಆಯುಕ್ತ ಇಲಾಖೆ
ಸರ್ಕಾರಿ ಯುನಾನಿ ಆಸ್ಪತ್ರೆ (50 ಹಾಸಿಗೆ)
ಮಿಸ್ತ್ರಿ ಕಾಲೋನಿ, ಆಲಂದ ಚೆಕ್ ಪೋಸ್ಟ್ ಹತ್ತಿರ, ಕಲಬುರಗಿ-585101.
Contact No. : 9341765076, E-mail : govtunani50@gmail.com
ಸಂ: ಸಉಆಕ/01/ಟೆಂಡರ್/2025-26/56	ದಿನಾಂಕ : 16-06-2025
|| ಇ-ಟೆಂಡರ ಪ್ರಕಟಣೆ ದ್ವಿ-ಲಕೋಟೆ ಪದ್ಧತಿ ||
ಒಂದು ವರ್ಷದ ಅವಧಿಗೆ (ಜುಲೈ-2025 ರಿಂದ ಜೂನ್-2026 ರವರೆಗೆ) ಅಥವಾ ಟೆಂಡರ್ ಅನುಮೋದನೆಯಾದ ದಿನಾಂಕದಿಂದ ಸರ್ಕಾರಿ ಯುನಾನಿ ಆಸ್ಪತ್ರೆ (50 ಹಾಸಿಗೆ), ಕಲಬುರಗಿ ಇಲ್ಲಿಗೆ ಆಸ್ಪತ್ರೆಯ ಸ್ವಚ್ಛತಾ ಸೇವೆ, ಭದ್ರತಾ ಸಿಬ್ಬಂದಿ, ವಾರ್ಡ್ ಅಟೆಂಡರ್ ಹಾಗೂ ಇತರೆ ಹುದ್ದೆಗಳಿಗೆ ಹೊರಗುತ್ತಿಗೆ ಆಧಾರದ ಮೇಲೆ ಸೇವೆ ಒದಗಿಸಲು ಇ-ಟೆಂಡರ್ ಮೂಲಕ ಅರ್ಹ ಸಂಸ್ಥೆಗಳಿಂದ ದ್ವಿ-ಲಕೋಟೆ ಪದ್ಧತಿಯಲ್ಲಿ ಟೆಂಡರ್ ಆಹ್ವಾನಿಸಲಾಗಿದೆ. ಟೆಂಡರ್ ಸಂಖ್ಯೆ: GUHK/01/TENDER/2025-26 Date: 16/06/2025, ಟೆಂಡರ್ ಮೊತ್ತ: ರೂ.3600000/-, ಇ.ಎಂ.ಡಿ: 72000/-. ಟೆಂಡರ್ ಪ್ರಕಟಣೆ ದಿನಾಂಕ: 16-06-2025 ರಿಂದ 02-07-2025 ಸಂಜೆ 05:30 ರವರೆಗೆ. ತಾಂತ್ರಿಕ ಬಿಡ್ ತೆರೆಯುವ ದಿನಾಂಕ: 04-07-2025. ಹೆಚ್ಚಿನ ವಿವರಗಳಿಗೆ ಕಚೇರಿ ವೇಳೆಯಲ್ಲಿ ಸಂಪರ್ಕಿಸಬಹುದು ಅಥವಾ ವೆಬ್‌ಸೈಟ್ www.kppp.karnataka.gov.in ನೋಡಬಹುದು.
ಸಹಿ/- ಸ್ಥಾನಿಕ ವೈದ್ಯಾಧಿಕಾರಿಗಳು (ಪ್ರಭಾರ)
ಸರ್ಕಾರಿ ಯುನಾನಿ ಆಸ್ಪತ್ರೆ (50 ಹಾಸಿಗೆ), ಮಿಸ್ತ್ರಿ ಕಾಲೋನಿ, ಆಲಂದ ಚೆಕ್ ಪೋಸ್ಟ್ ಹತ್ತಿರ, ಕಲಬುರಗಿ
ವಾ.ಸಾ.ಸಂ./ಕಲಬುರಗಿ/220/ಸಿ.ಎಂ.ಎ.ಡಿ/2025-26
